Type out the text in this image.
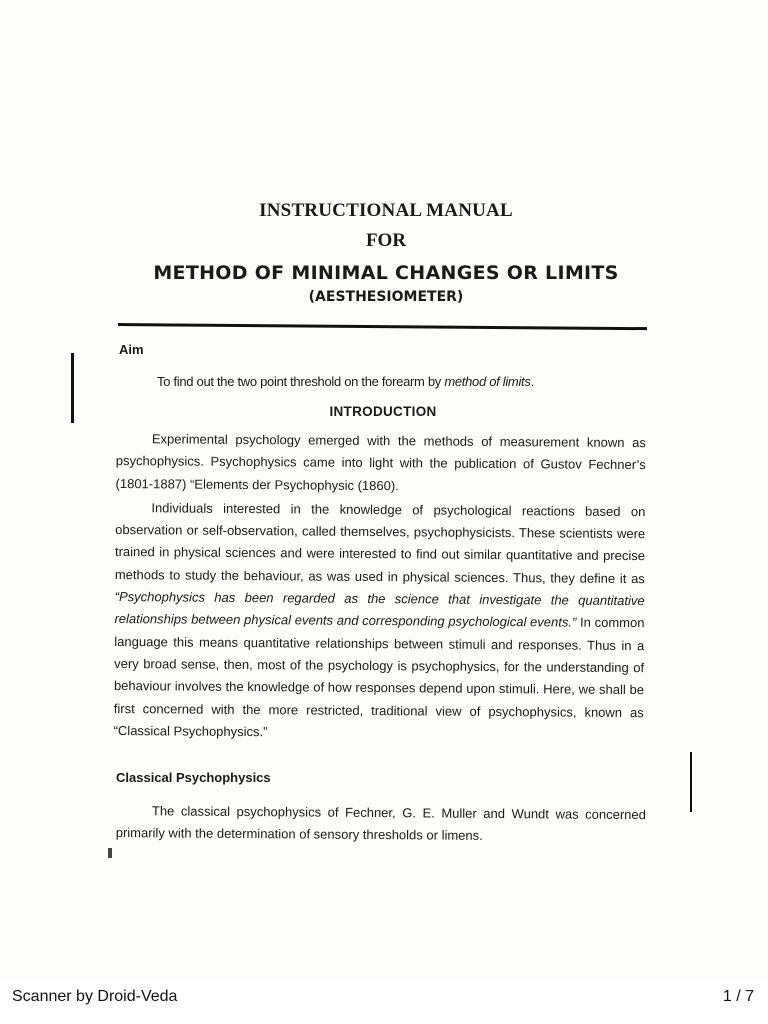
INSTRUCTIONAL MANUAL
FOR
METHOD OF MINIMAL CHANGES OR LIMITS
(AESTHESIOMETER)
Aim
To find out the two point threshold on the forearm by method of limits.
INTRODUCTION

Experimental psychology emerged with the methods of measurement known as psychophysics. Psychophysics came into light with the publication of Gustov Fechner’s (1801-1887) “Elements der Psychophysic (1860).

Individuals interested in the knowledge of psychological reactions based on observation or self-observation, called themselves, psychophysicists. These scientists were trained in physical sciences and were interested to find out similar quantitative and precise methods to study the behaviour, as was used in physical sciences. Thus, they define it as “Psychophysics has been regarded as the science that investigate the quantitative relationships between physical events and corresponding psychological events.” In common language this means quantitative relationships between stimuli and responses. Thus in a very broad sense, then, most of the psychology is psychophysics, for the understanding of behaviour involves the knowledge of how responses depend upon stimuli. Here, we shall be first concerned with the more restricted, traditional view of psychophysics, known as “Classical Psychophysics.”

Classical Psychophysics

The classical psychophysics of Fechner, G. E. Muller and Wundt was concerned primarily with the determination of sensory thresholds or limens.

Scanner by Droid-Veda	1 / 7
